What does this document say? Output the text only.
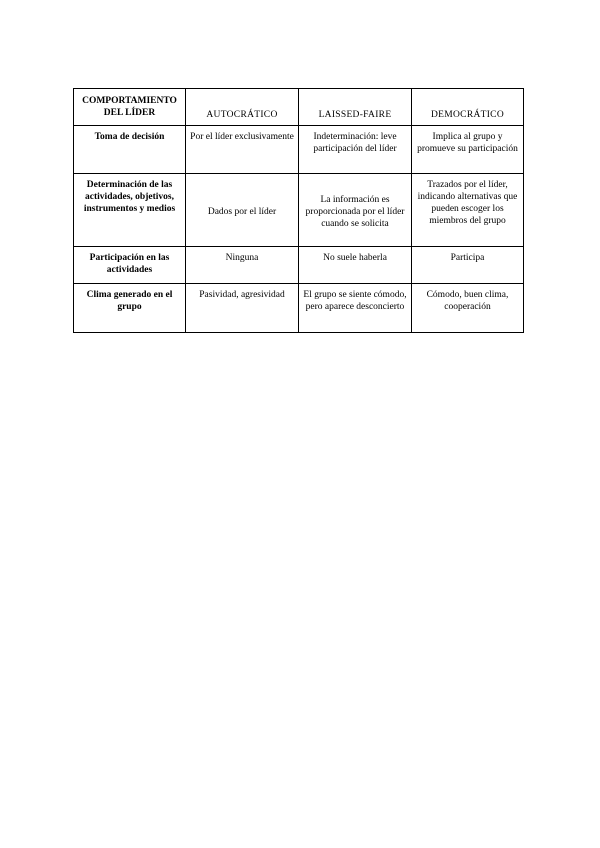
COMPORTAMIENTO DEL LÍDER	AUTOCRÁTICO	LAISSED-FAIRE	DEMOCRÁTICO
Toma de decisión	Por el líder exclusivamente	Indeterminación: leve participación del líder	Implica al grupo y promueve su participación
Determinación de las actividades, objetivos, instrumentos y medios	Dados por el líder	La información es proporcionada por el líder cuando se solicita	Trazados por el líder, indicando alternativas que pueden escoger los miembros del grupo
Participación en las actividades	Ninguna	No suele haberla	Participa
Clima generado en el grupo	Pasividad, agresividad	El grupo se siente cómodo, pero aparece desconcierto	Cómodo, buen clima, cooperación
